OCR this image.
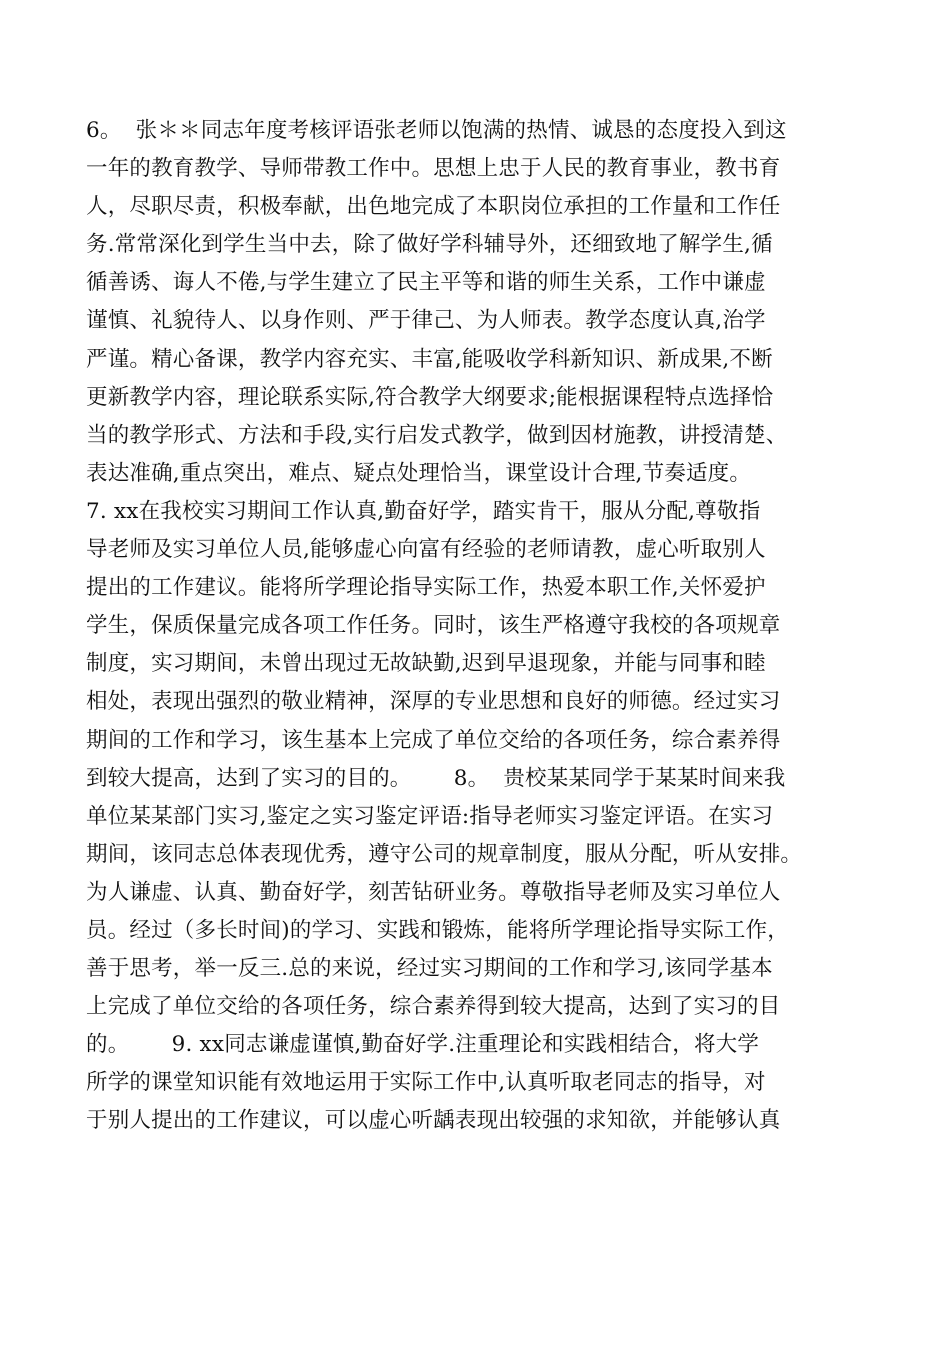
6。  张＊＊同志年度考核评语张老师以饱满的热情、诚恳的态度投入到这
一年的教育教学、导师带教工作中。思想上忠于人民的教育事业，教书育
人，尽职尽责，积极奉献，出色地完成了本职岗位承担的工作量和工作任
务.常常深化到学生当中去，除了做好学科辅导外，还细致地了解学生,循
循善诱、诲人不倦,与学生建立了民主平等和谐的师生关系，工作中谦虚
谨慎、礼貌待人、以身作则、严于律己、为人师表。教学态度认真,治学
严谨。精心备课，教学内容充实、丰富,能吸收学科新知识、新成果,不断
更新教学内容，理论联系实际,符合教学大纲要求;能根据课程特点选择恰
当的教学形式、方法和手段,实行启发式教学，做到因材施教，讲授清楚、
表达准确,重点突出，难点、疑点处理恰当，课堂设计合理,节奏适度。
7. xx在我校实习期间工作认真,勤奋好学，踏实肯干，服从分配,尊敬指
导老师及实习单位人员,能够虚心向富有经验的老师请教，虚心听取别人
提出的工作建议。能将所学理论指导实际工作，热爱本职工作,关怀爱护
学生，保质保量完成各项工作任务。同时，该生严格遵守我校的各项规章
制度，实习期间，未曾出现过无故缺勤,迟到早退现象，并能与同事和睦
相处，表现出强烈的敬业精神，深厚的专业思想和良好的师德。经过实习
期间的工作和学习，该生基本上完成了单位交给的各项任务，综合素养得
到较大提高，达到了实习的目的。      8。  贵校某某同学于某某时间来我
单位某某部门实习,鉴定之实习鉴定评语:指导老师实习鉴定评语。在实习
期间，该同志总体表现优秀，遵守公司的规章制度，服从分配，听从安排。
为人谦虚、认真、勤奋好学，刻苦钻研业务。尊敬指导老师及实习单位人
员。经过（多长时间)的学习、实践和锻炼，能将所学理论指导实际工作，
善于思考，举一反三.总的来说，经过实习期间的工作和学习,该同学基本
上完成了单位交给的各项任务，综合素养得到较大提高，达到了实习的目
的。      9. xx同志谦虚谨慎,勤奋好学.注重理论和实践相结合，将大学
所学的课堂知识能有效地运用于实际工作中,认真听取老同志的指导，对
于别人提出的工作建议，可以虚心听龋表现出较强的求知欲，并能够认真
